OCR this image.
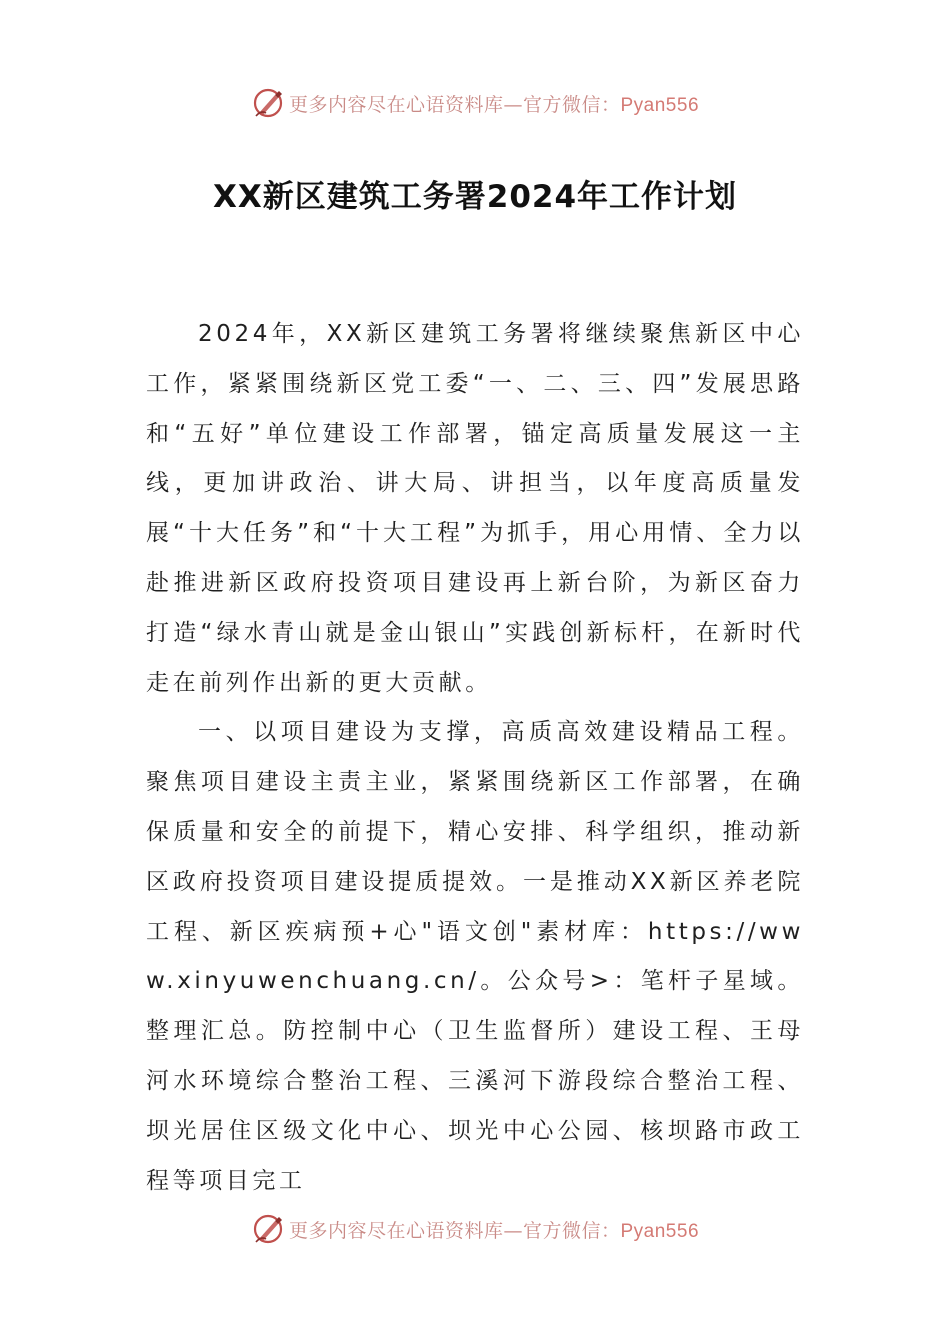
更多内容尽在心语资料库—官方微信：Pyan556
XX新区建筑工务署2024年工作计划

2024年，XX新区建筑工务署将继续聚焦新区中心工作，紧紧围绕新区党工委“一、二、三、四”发展思路和“五好”单位建设工作部署，锚定高质量发展这一主线，更加讲政治、讲大局、讲担当，以年度高质量发展“十大任务”和“十大工程”为抓手，用心用情、全力以赴推进新区政府投资项目建设再上新台阶，为新区奋力打造“绿水青山就是金山银山”实践创新标杆，在新时代走在前列作出新的更大贡献。

一、以项目建设为支撑，高质高效建设精品工程。聚焦项目建设主责主业，紧紧围绕新区工作部署，在确保质量和安全的前提下，精心安排、科学组织，推动新区政府投资项目建设提质提效。一是推动XX新区养老院工程、新区疾病预+心"语文创"素材库：https://www.xinyuwenchuang.cn/。公众号>：笔杆子星域。整理汇总。防控制中心（卫生监督所）建设工程、王母河水环境综合整治工程、三溪河下游段综合整治工程、坝光居住区级文化中心、坝光中心公园、核坝路市政工程等项目完工

更多内容尽在心语资料库—官方微信：Pyan556
